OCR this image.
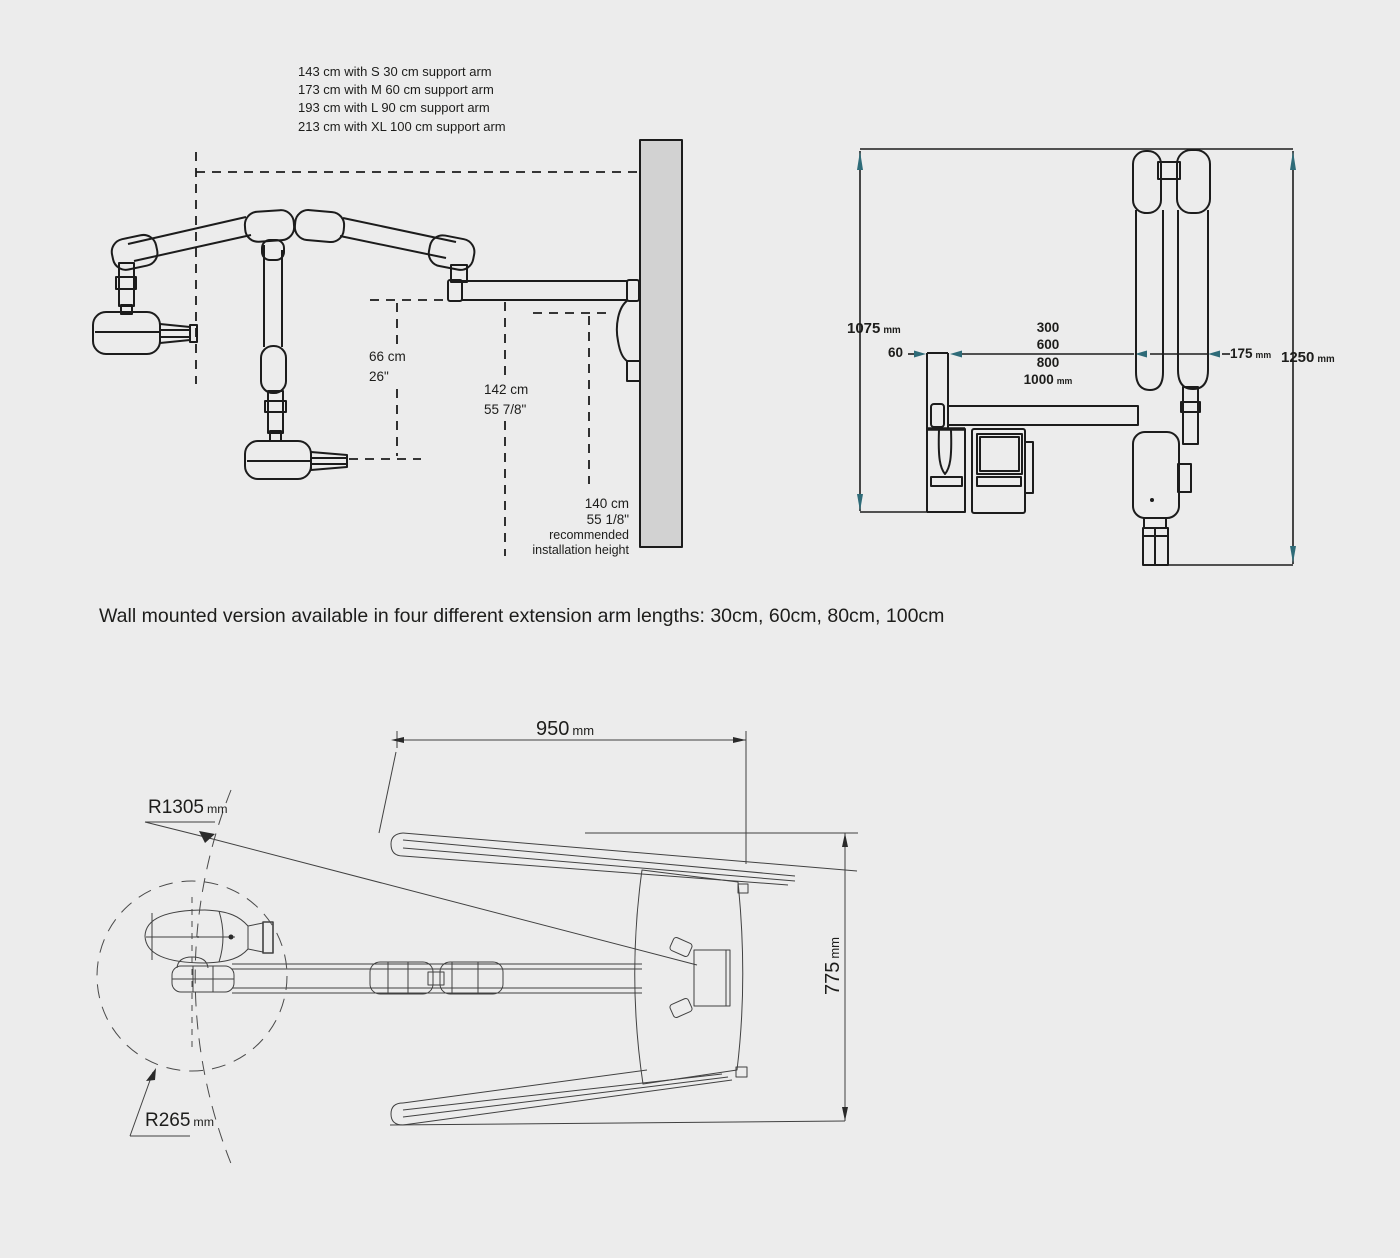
143 cm with S 30 cm support arm
173 cm with M 60 cm support arm
193 cm with L 90 cm support arm
213 cm with XL 100 cm support arm
66 cm
26"
142 cm
55 7/8"
140 cm
55 1/8"
recommended
installation height
1075 mm
60
300
600
800
1000 mm
175 mm 1250 mm
Wall mounted version available in four different extension arm lengths: 30cm, 60cm, 80cm, 100cm
950 mm
R1305 mm
R265 mm
775mm
